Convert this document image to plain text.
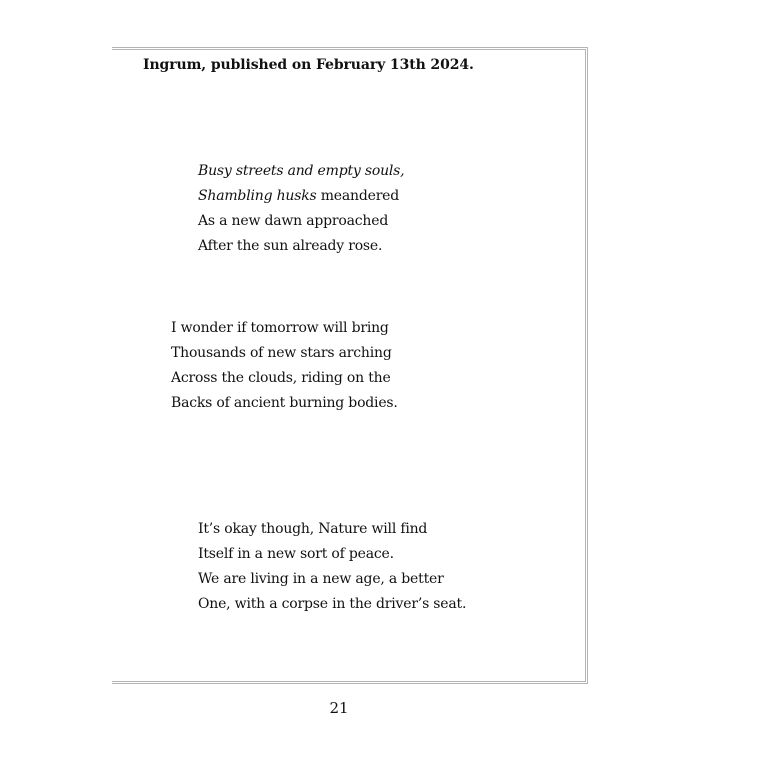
Ingrum, published on February 13th 2024.
Busy streets and empty souls,
Shambling husks meandered
As a new dawn approached
After the sun already rose.
I wonder if tomorrow will bring
Thousands of new stars arching
Across the clouds, riding on the
Backs of ancient burning bodies.
It’s okay though, Nature will find
Itself in a new sort of peace.
We are living in a new age, a better
One, with a corpse in the driver’s seat.
21
